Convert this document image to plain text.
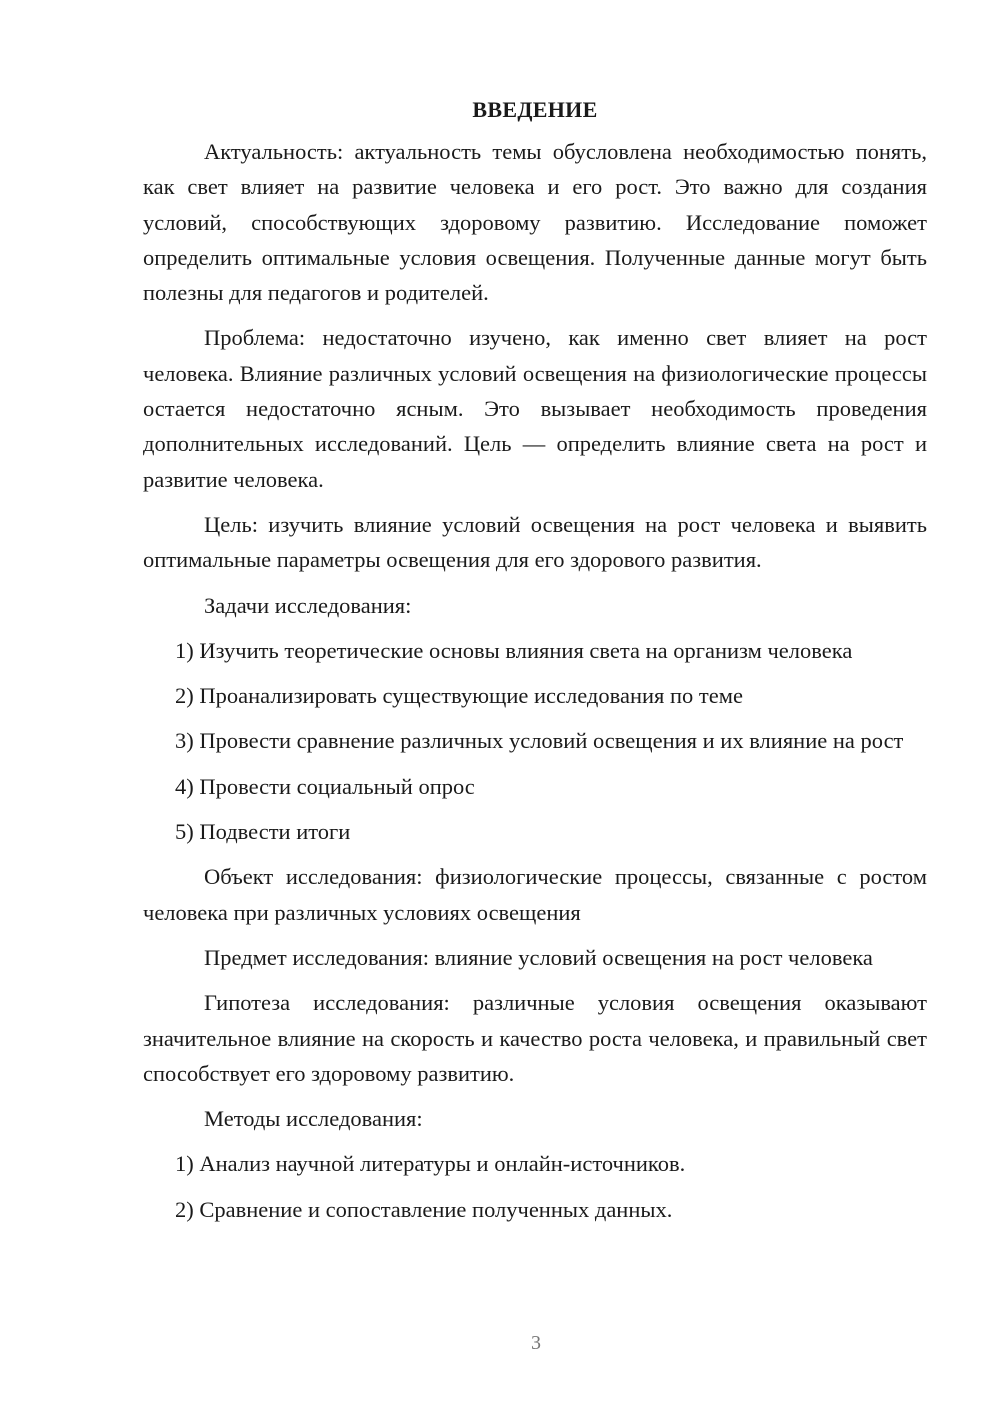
ВВЕДЕНИЕ

Актуальность: актуальность темы обусловлена необходимостью понять, как свет влияет на развитие человека и его рост. Это важно для создания условий, способствующих здоровому развитию. Исследование поможет определить оптимальные условия освещения. Полученные данные могут быть полезны для педагогов и родителей.

Проблема: недостаточно изучено, как именно свет влияет на рост человека. Влияние различных условий освещения на физиологические процессы остается недостаточно ясным. Это вызывает необходимость проведения дополнительных исследований. Цель — определить влияние света на рост и развитие человека.

Цель: изучить влияние условий освещения на рост человека и выявить оптимальные параметры освещения для его здорового развития.

Задачи исследования:

1) Изучить теоретические основы влияния света на организм человека

2) Проанализировать существующие исследования по теме

3) Провести сравнение различных условий освещения и их влияние на рост

4) Провести социальный опрос

5) Подвести итоги

Объект исследования: физиологические процессы, связанные с ростом человека при различных условиях освещения

Предмет исследования: влияние условий освещения на рост человека

Гипотеза исследования: различные условия освещения оказывают значительное влияние на скорость и качество роста человека, и правильный свет способствует его здоровому развитию.

Методы исследования:

1) Анализ научной литературы и онлайн-источников.

2) Сравнение и сопоставление полученных данных.

3
